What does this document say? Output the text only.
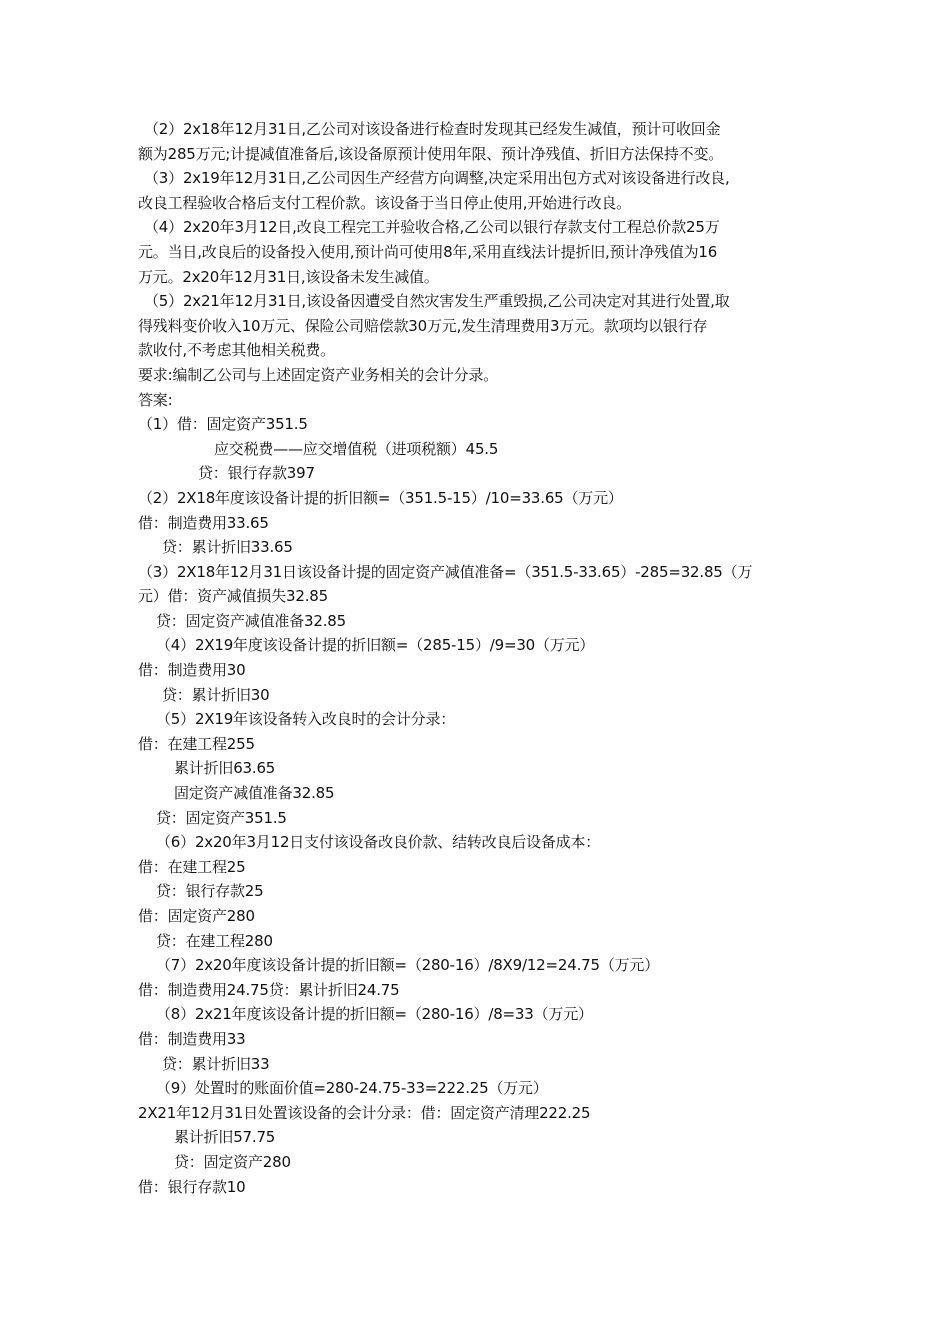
（2）2x18年12月31日,乙公司对该设备进行检查时发现其已经发生减值，预计可收回金
额为285万元;计提减值准备后,该设备原预计使用年限、预计净残值、折旧方法保持不变。
（3）2x19年12月31日,乙公司因生产经营方向调整,决定采用出包方式对该设备进行改良,
改良工程验收合格后支付工程价款。该设备于当日停止使用,开始进行改良。
（4）2x20年3月12日,改良工程完工并验收合格,乙公司以银行存款支付工程总价款25万
元。当日,改良后的设备投入使用,预计尚可使用8年,采用直线法计提折旧,预计净残值为16
万元。2x20年12月31日,该设备未发生减值。
（5）2x21年12月31日,该设备因遭受自然灾害发生严重毁损,乙公司决定对其进行处置,取
得残料变价收入10万元、保险公司赔偿款30万元,发生清理费用3万元。款项均以银行存
款收付,不考虑其他相关税费。
要求:编制乙公司与上述固定资产业务相关的会计分录。
答案:
（1）借：固定资产351.5
应交税费——应交增值税（进项税额）45.5
贷：银行存款397
（2）2X18年度该设备计提的折旧额=（351.5-15）/10=33.65（万元）
借：制造费用33.65
贷：累计折旧33.65
（3）2X18年12月31日该设备计提的固定资产减值准备=（351.5-33.65）-285=32.85（万
元）借：资产减值损失32.85
贷：固定资产减值准备32.85
（4）2X19年度该设备计提的折旧额=（285-15）/9=30（万元）
借：制造费用30
贷：累计折旧30
（5）2X19年该设备转入改良时的会计分录：
借：在建工程255
累计折旧63.65
固定资产减值准备32.85
贷：固定资产351.5
（6）2x20年3月12日支付该设备改良价款、结转改良后设备成本：
借：在建工程25
贷：银行存款25
借：固定资产280
贷：在建工程280
（7）2x20年度该设备计提的折旧额=（280-16）/8X9/12=24.75（万元）
借：制造费用24.75贷：累计折旧24.75
（8）2x21年度该设备计提的折旧额=（280-16）/8=33（万元）
借：制造费用33
贷：累计折旧33
（9）处置时的账面价值=280-24.75-33=222.25（万元）
2X21年12月31日处置该设备的会计分录：借：固定资产清理222.25
累计折旧57.75
贷：固定资产280
借：银行存款10
